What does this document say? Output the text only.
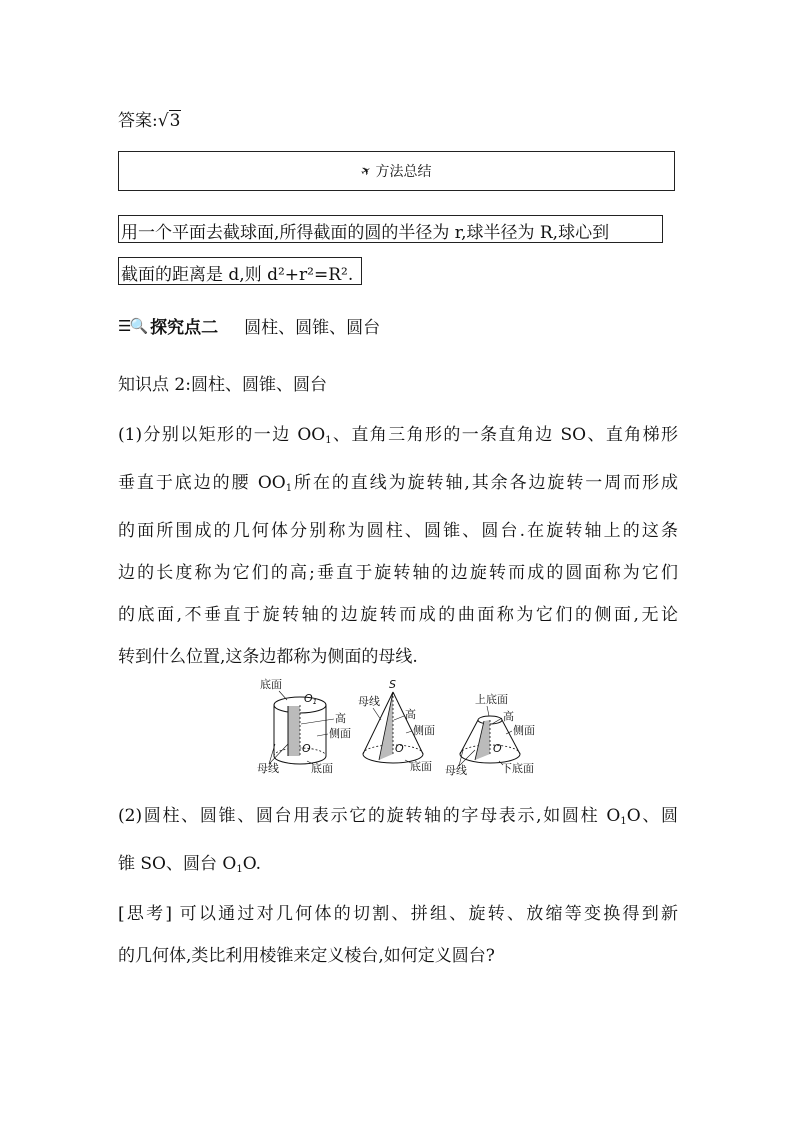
答案:√3
✈ 方法总结
用一个平面去截球面,所得截面的圆的半径为 r,球半径为 R,球心到
截面的距离是 d,则 d²+r²=R².
☰🔍 探究点二 圆柱、圆锥、圆台
知识点 2:圆柱、圆锥、圆台
(1)分别以矩形的一边 $OO_1$、直角三角形的一条直角边 SO、直角梯形
垂直于底边的腰 $OO_1$所在的直线为旋转轴,其余各边旋转一周而形成
的面所围成的几何体分别称为圆柱、圆锥、圆台.在旋转轴上的这条
边的长度称为它们的高;垂直于旋转轴的边旋转而成的圆面称为它们
的底面,不垂直于旋转轴的边旋转而成的曲面称为它们的侧面,无论
转到什么位置,这条边都称为侧面的母线.
底面
O1
高
侧面
O
母线	底面
S
母线
高
侧面
O
底面
上底面
高
侧面
O
母线	下底面
(2)圆柱、圆锥、圆台用表示它的旋转轴的字母表示,如圆柱 $O_1O$、圆
锥 SO、圆台 $O_1O$.
[思考] 可以通过对几何体的切割、拼组、旋转、放缩等变换得到新
的几何体,类比利用棱锥来定义棱台,如何定义圆台?
